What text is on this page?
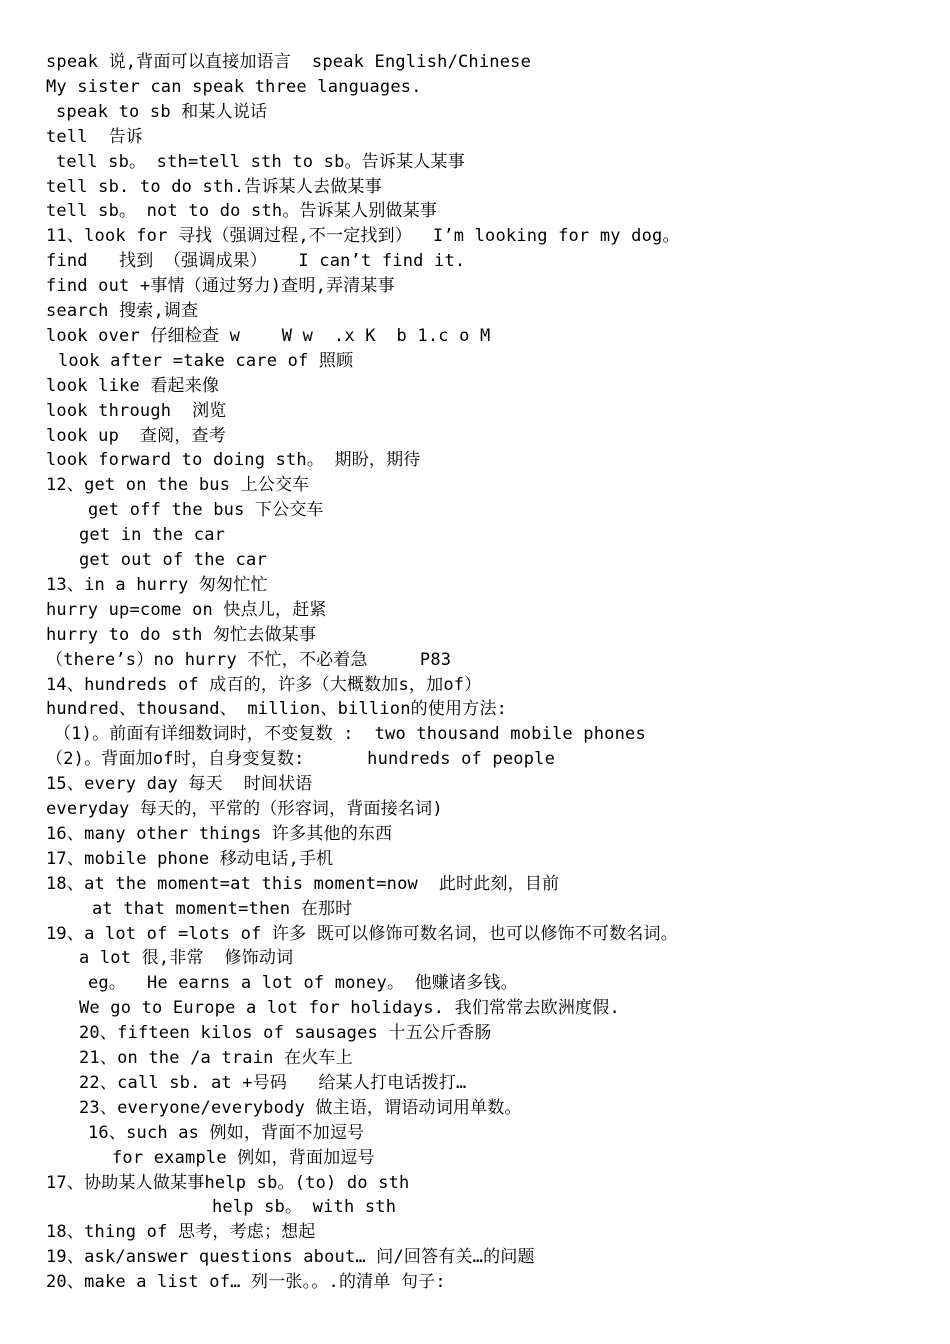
speak 说,背面可以直接加语言  speak English/Chinese
My sister can speak three languages.
speak to sb 和某人说话
tell  告诉
tell sb。 sth=tell sth to sb。告诉某人某事
tell sb. to do sth.告诉某人去做某事
tell sb。 not to do sth。告诉某人别做某事
11、look for 寻找（强调过程,不一定找到）  I’m looking for my dog。
find   找到 （强调成果）   I can’t find it.
find out +事情（通过努力)查明,弄清某事
search 搜索,调查
look over 仔细检查 w    W w  .x K  b 1.c o M
look after =take care of 照顾
look like 看起来像
look through  浏览
look up  查阅，查考
look forward to doing sth。 期盼，期待
12、get on the bus 上公交车
get off the bus 下公交车
get in the car
get out of the car
13、in a hurry 匆匆忙忙
hurry up=come on 快点儿，赶紧
hurry to do sth 匆忙去做某事
（there’s）no hurry 不忙，不必着急     P83
14、hundreds of 成百的，许多（大概数加s，加of）
hundred、thousand、 million、billion的使用方法:
（1)。前面有详细数词时，不变复数 :  two thousand mobile phones
（2)。背面加of时，自身变复数:      hundreds of people
15、every day 每天  时间状语
everyday 每天的，平常的（形容词，背面接名词)
16、many other things 许多其他的东西
17、mobile phone 移动电话,手机
18、at the moment=at this moment=now  此时此刻，目前
at that moment=then 在那时
19、a lot of =lots of 许多 既可以修饰可数名词，也可以修饰不可数名词。
a lot 很,非常  修饰动词
eg。  He earns a lot of money。 他赚诸多钱。
We go to Europe a lot for holidays. 我们常常去欧洲度假.
20、fifteen kilos of sausages 十五公斤香肠
21、on the /a train 在火车上
22、call sb. at +号码   给某人打电话拨打…
23、everyone/everybody 做主语，谓语动词用单数。
16、such as 例如，背面不加逗号
for example 例如，背面加逗号
17、协助某人做某事help sb。(to) do sth
help sb。 with sth
18、thing of 思考，考虑；想起
19、ask/answer questions about… 问/回答有关…的问题
20、make a list of… 列一张。。.的清单 句子:
